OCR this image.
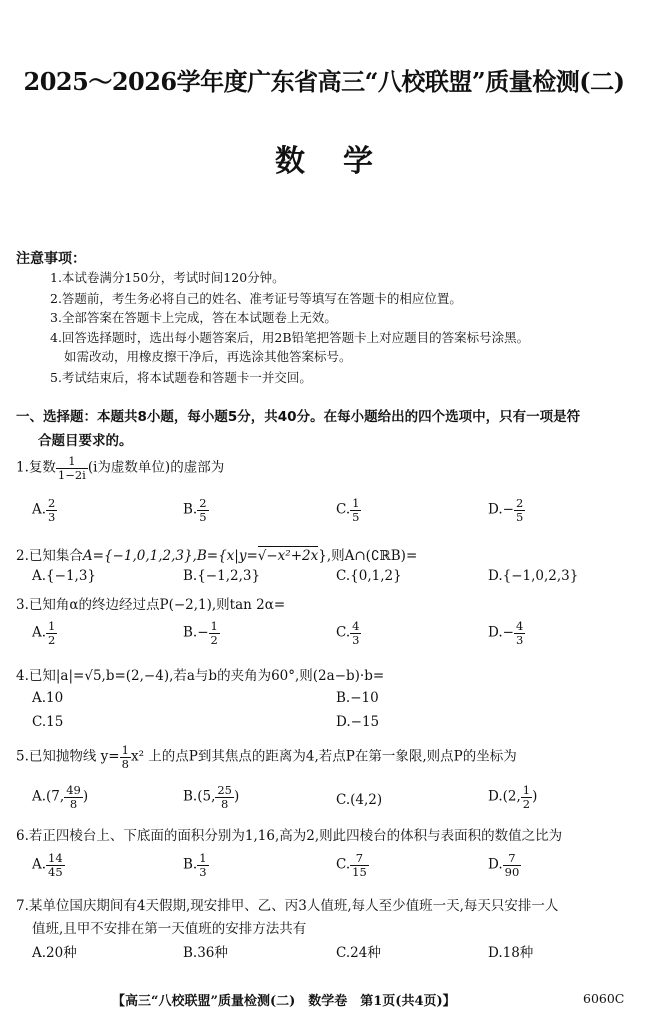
2025～2026学年度广东省高三“八校联盟”质量检测(二)
数学
注意事项：
1.本试卷满分150分，考试时间120分钟。
2.答题前，考生务必将自己的姓名、准考证号等填写在答题卡的相应位置。
3.全部答案在答题卡上完成，答在本试题卷上无效。
4.回答选择题时，选出每小题答案后，用2B铅笔把答题卡上对应题目的答案标号涂黑。
如需改动，用橡皮擦干净后，再选涂其他答案标号。
5.考试结束后，将本试题卷和答题卡一并交回。
一、选择题：本题共8小题，每小题5分，共40分。在每小题给出的四个选项中，只有一项是符
合题目要求的。
1.复数 $\frac{1}{1-2i} (i$为虚数单位)的虚部为
A. $\frac{2}{3}$	B. $\frac{2}{5}$	C. $\frac{1}{5}$	$D.- \frac{2}{5}$
2.已知集合A={−1,0,1,2,3},B={x|y=√−x²+2x},则A∩(∁ℝB)=
A.{−1,3}	B.{−1,2,3}	C.{0,1,2}	D.{−1,0,2,3}
3.已知角α的终边经过点P(−2,1),则tan 2α=
A. $\frac{1}{2}$	$B.- \frac{1}{2}$	C. $\frac{4}{3}$	$D.- \frac{4}{3}$
4.已知|a|=√5,b=(2,−4),若a与b的夹角为60°,则(2a−b)·b=
A.10	B.−10
C.15	D.−15
5.已知抛物线 $y= \frac{1}{8} x^2$ 上的点P到其焦点的距离为4,若点P在第一象限,则点P的坐标为
A.(7, $\frac{49}{8}$ )	B.(5, $\frac{25}{8}$ )	C.(4,2)	D.(2, $\frac{1}{2}$ )
6.若正四棱台上、下底面的面积分别为1,16,高为2,则此四棱台的体积与表面积的数值之比为
A. $\frac{14}{45}$	B. $\frac{1}{3}$	C. $\frac{7}{15}$	D. $\frac{7}{90}$
7.某单位国庆期间有4天假期,现安排甲、乙、丙3人值班,每人至少值班一天,每天只安排一人
值班,且甲不安排在第一天值班的安排方法共有
A.20种	B.36种	C.24种	D.18种
【高三“八校联盟”质量检测(二)　数学卷　第1页(共4页)】	6060C
